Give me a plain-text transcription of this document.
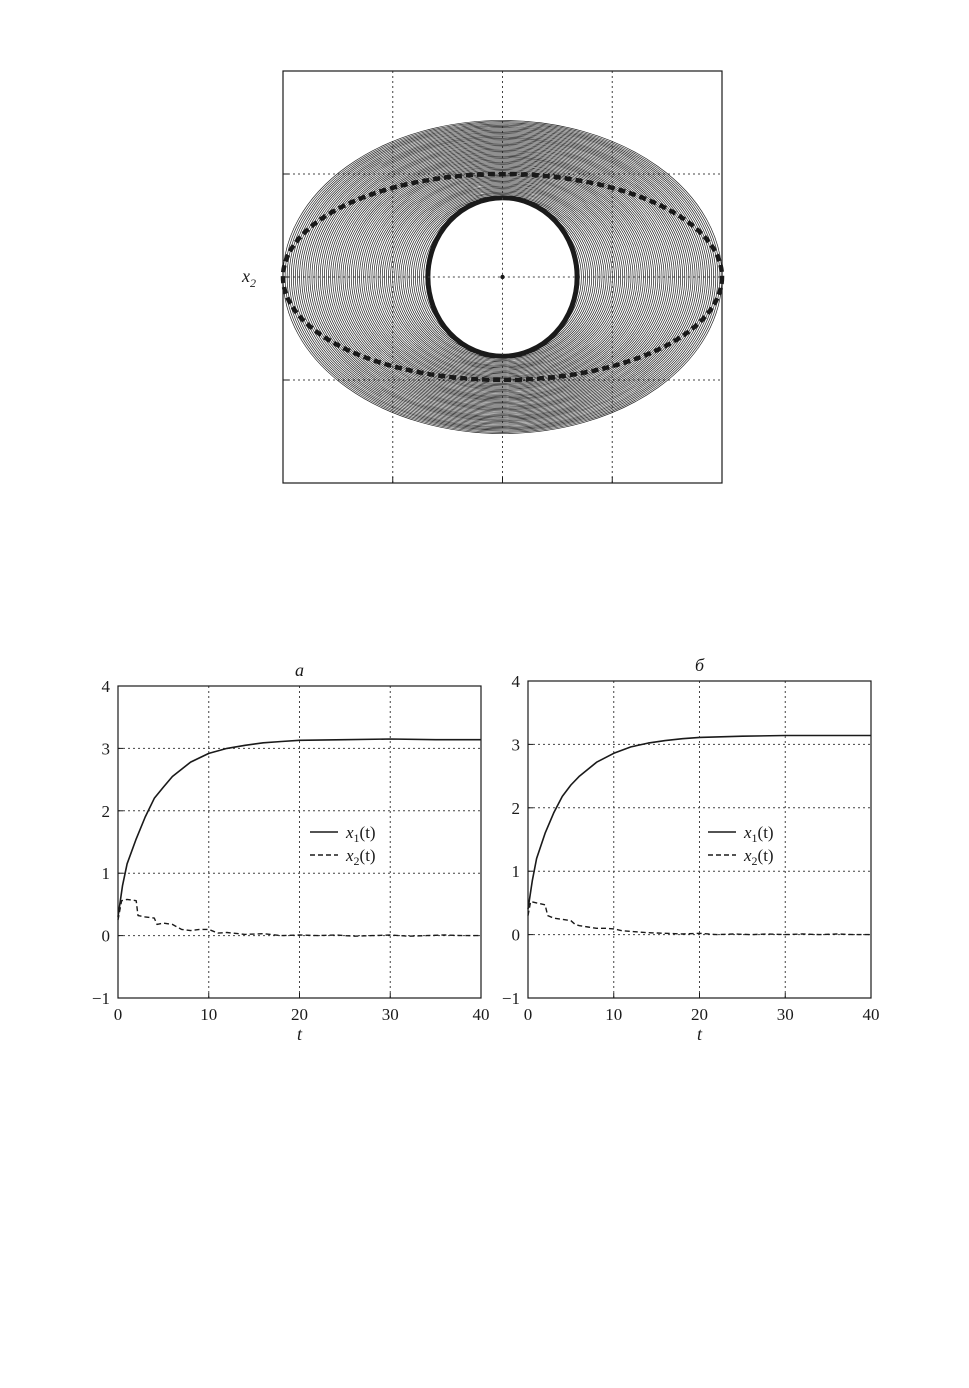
$x_2$
a
0	10	20	30	40
−1
0
1
2
3
4
t
$x_1(t)$
$x_2(t)$
б
0	10	20	30	40
−1
0
1
2
3
4
t
$x_1(t)$
$x_2(t)$
